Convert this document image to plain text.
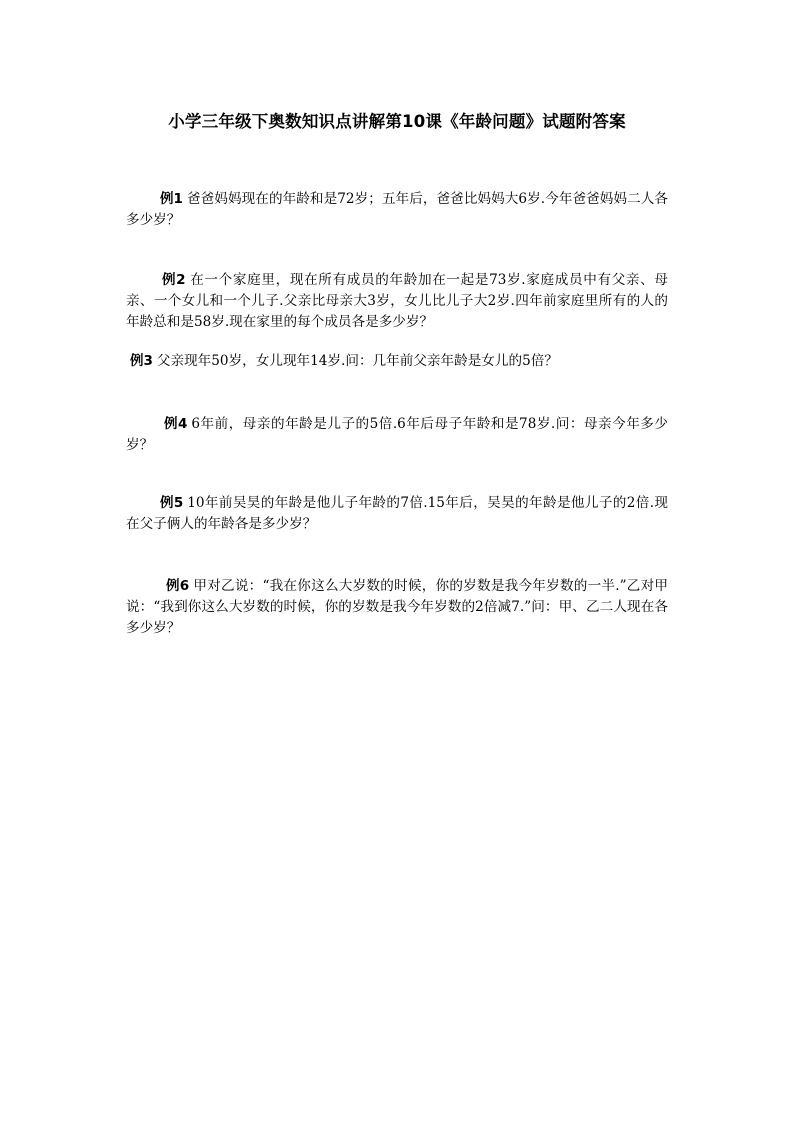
小学三年级下奥数知识点讲解第10课《年龄问题》试题附答案
例1 爸爸妈妈现在的年龄和是72岁；五年后，爸爸比妈妈大6岁.今年爸爸妈妈二人各多少岁？
例2 在一个家庭里，现在所有成员的年龄加在一起是73岁.家庭成员中有父亲、母亲、一个女儿和一个儿子.父亲比母亲大3岁，女儿比儿子大2岁.四年前家庭里所有的人的年龄总和是58岁.现在家里的每个成员各是多少岁？
例3 父亲现年50岁，女儿现年14岁.问：几年前父亲年龄是女儿的5倍？
例4 6年前，母亲的年龄是儿子的5倍.6年后母子年龄和是78岁.问：母亲今年多少岁？
例5 10年前吴昊的年龄是他儿子年龄的7倍.15年后，吴昊的年龄是他儿子的2倍.现在父子俩人的年龄各是多少岁？
例6 甲对乙说：“我在你这么大岁数的时候，你的岁数是我今年岁数的一半.”乙对甲说：“我到你这么大岁数的时候，你的岁数是我今年岁数的2倍减7.”问：甲、乙二人现在各多少岁？
